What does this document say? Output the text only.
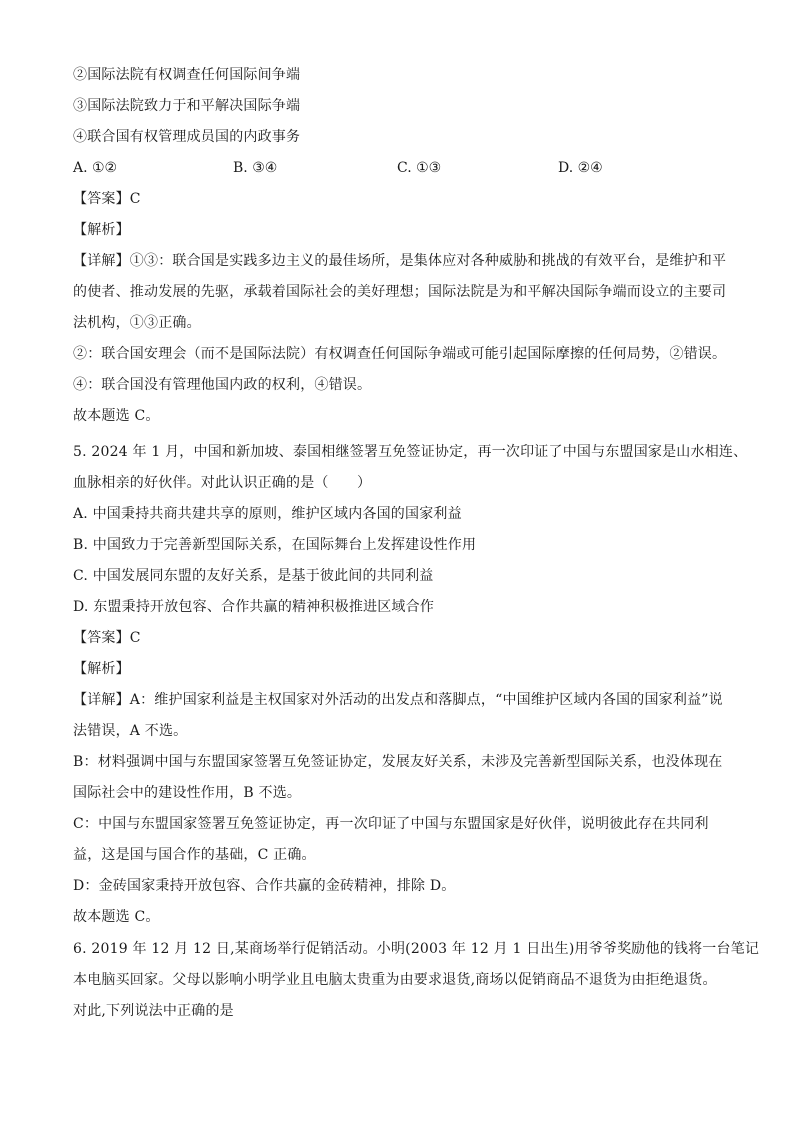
②国际法院有权调查任何国际间争端
③国际法院致力于和平解决国际争端
④联合国有权管理成员国的内政事务
A. ①②	B. ③④	C. ①③	D. ②④
【答案】C
【解析】
【详解】①③：联合国是实践多边主义的最佳场所，是集体应对各种威胁和挑战的有效平台，是维护和平
的使者、推动发展的先驱，承载着国际社会的美好理想；国际法院是为和平解决国际争端而设立的主要司
法机构，①③正确。
②：联合国安理会（而不是国际法院）有权调查任何国际争端或可能引起国际摩擦的任何局势，②错误。
④：联合国没有管理他国内政的权利，④错误。
故本题选 C。
5. 2024 年 1 月，中国和新加坡、泰国相继签署互免签证协定，再一次印证了中国与东盟国家是山水相连、
血脉相亲的好伙伴。对此认识正确的是（　　）
A. 中国秉持共商共建共享的原则，维护区域内各国的国家利益
B. 中国致力于完善新型国际关系，在国际舞台上发挥建设性作用
C. 中国发展同东盟的友好关系，是基于彼此间的共同利益
D. 东盟秉持开放包容、合作共赢的精神积极推进区域合作
【答案】C
【解析】
【详解】A：维护国家利益是主权国家对外活动的出发点和落脚点，“中国维护区域内各国的国家利益”说
法错误，A 不选。
B：材料强调中国与东盟国家签署互免签证协定，发展友好关系，未涉及完善新型国际关系，也没体现在
国际社会中的建设性作用，B 不选。
C：中国与东盟国家签署互免签证协定，再一次印证了中国与东盟国家是好伙伴，说明彼此存在共同利
益，这是国与国合作的基础，C 正确。
D：金砖国家秉持开放包容、合作共赢的金砖精神，排除 D。
故本题选 C。
6. 2019 年 12 月 12 日,某商场举行促销活动。小明(2003 年 12 月 1 日出生)用爷爷奖励他的钱将一台笔记
本电脑买回家。父母以影响小明学业且电脑太贵重为由要求退货,商场以促销商品不退货为由拒绝退货。
对此,下列说法中正确的是
